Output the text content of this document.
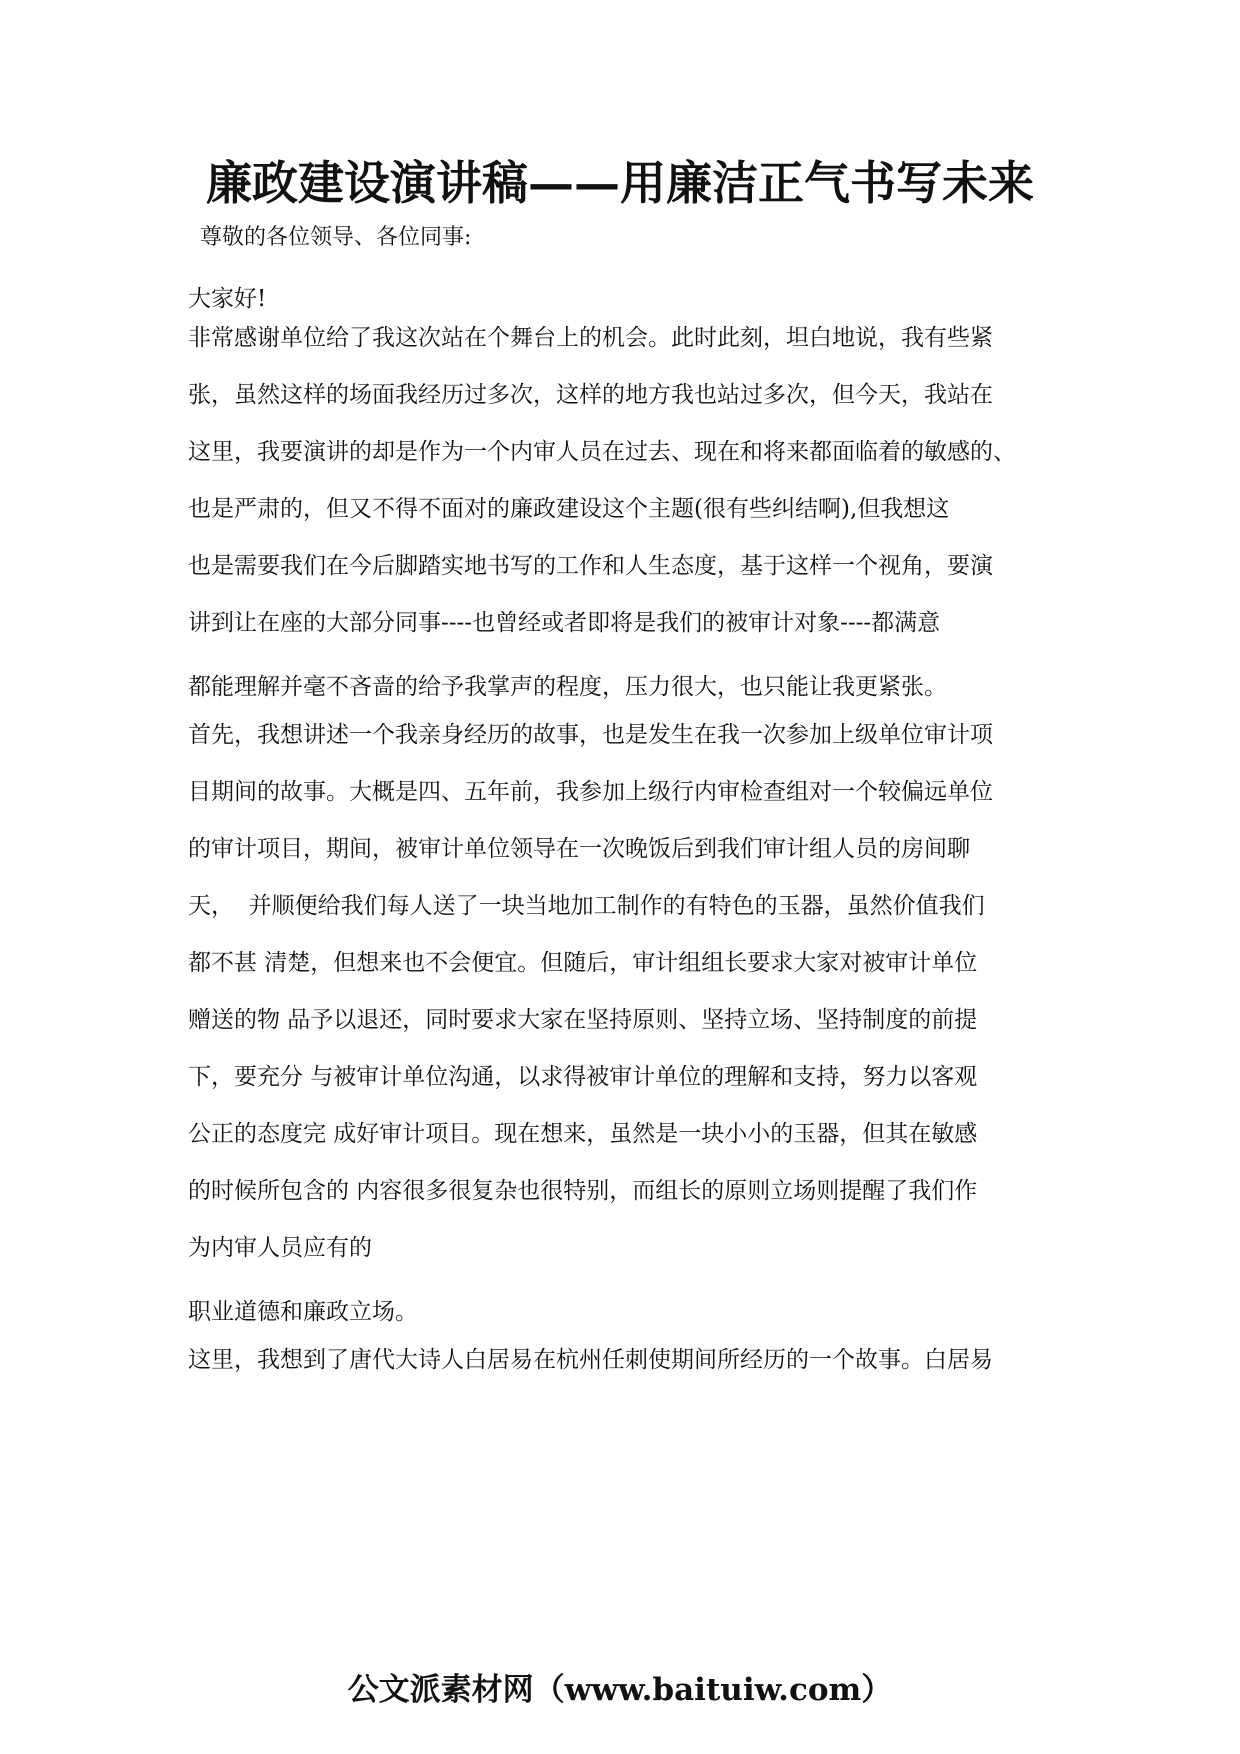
廉政建设演讲稿——用廉洁正气书写未来
尊敬的各位领导、各位同事:
大家好!
非常感谢单位给了我这次站在个舞台上的机会。此时此刻，坦白地说，我有些紧
张，虽然这样的场面我经历过多次，这样的地方我也站过多次，但今天，我站在
这里，我要演讲的却是作为一个内审人员在过去、现在和将来都面临着的敏感的、
也是严肃的，但又不得不面对的廉政建设这个主题(很有些纠结啊),但我想这
也是需要我们在今后脚踏实地书写的工作和人生态度，基于这样一个视角，要演
讲到让在座的大部分同事----也曾经或者即将是我们的被审计对象----都满意
都能理解并毫不吝啬的给予我掌声的程度，压力很大，也只能让我更紧张。
首先，我想讲述一个我亲身经历的故事，也是发生在我一次参加上级单位审计项
目期间的故事。大概是四、五年前，我参加上级行内审检查组对一个较偏远单位
的审计项目，期间，被审计单位领导在一次晚饭后到我们审计组人员的房间聊
天，  并顺便给我们每人送了一块当地加工制作的有特色的玉器，虽然价值我们
都不甚 清楚，但想来也不会便宜。但随后，审计组组长要求大家对被审计单位
赠送的物 品予以退还，同时要求大家在坚持原则、坚持立场、坚持制度的前提
下，要充分 与被审计单位沟通，以求得被审计单位的理解和支持，努力以客观
公正的态度完 成好审计项目。现在想来，虽然是一块小小的玉器，但其在敏感
的时候所包含的 内容很多很复杂也很特别，而组长的原则立场则提醒了我们作
为内审人员应有的
职业道德和廉政立场。
这里，我想到了唐代大诗人白居易在杭州任刺使期间所经历的一个故事。白居易
公文派素材网（www.baituiw.com）
